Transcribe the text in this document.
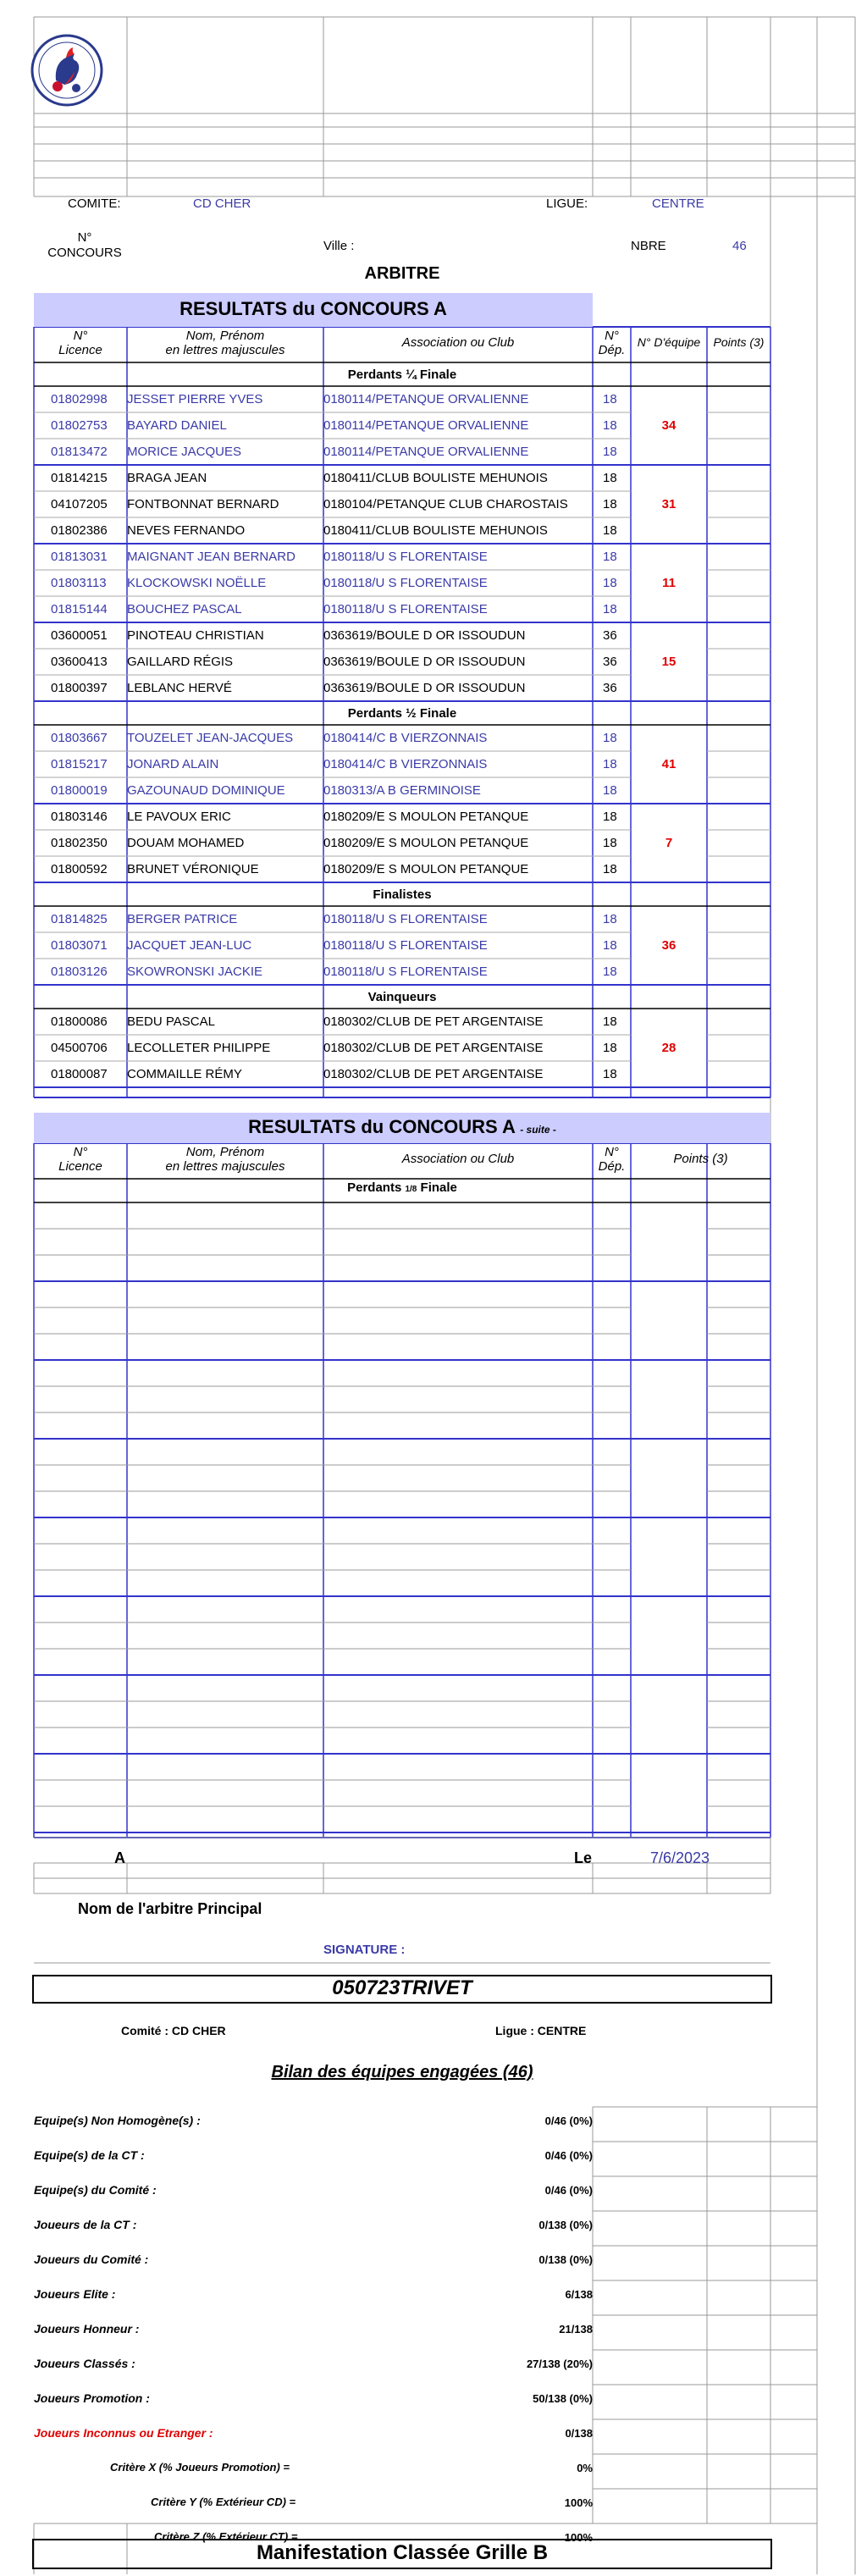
COMITE:	CD CHER	LIGUE:	CENTRE
N°
CONCOURS	Ville :	NBRE	46
ARBITRE
RESULTATS du CONCOURS A
N°
Licence
Nom, Prénom
en lettres majuscules
Association ou Club	N°
Dép.
N° D'équipe	Points (3)
Perdants ¼ Finale
01802998 JESSET PIERRE YVES	0180114/PETANQUE ORVALIENNE	18
01802753 BAYARD DANIEL	0180114/PETANQUE ORVALIENNE	18
01813472 MORICE JACQUES	0180114/PETANQUE ORVALIENNE	18
34
01814215 BRAGA JEAN	0180411/CLUB BOULISTE MEHUNOIS	18
04107205 FONTBONNAT BERNARD	0180104/PETANQUE CLUB CHAROSTAIS	18
01802386 NEVES FERNANDO	0180411/CLUB BOULISTE MEHUNOIS	18
31
01813031 MAIGNANT JEAN BERNARD 0180118/U S FLORENTAISE	18
01803113 KLOCKOWSKI NOËLLE	0180118/U S FLORENTAISE	18
01815144 BOUCHEZ PASCAL	0180118/U S FLORENTAISE	18
11
03600051 PINOTEAU CHRISTIAN	0363619/BOULE D OR ISSOUDUN	36
03600413 GAILLARD RÉGIS	0363619/BOULE D OR ISSOUDUN	36
01800397 LEBLANC HERVÉ	0363619/BOULE D OR ISSOUDUN	36
15
Perdants ½ Finale
01803667 TOUZELET JEAN-JACQUES 0180414/C B VIERZONNAIS	18
01815217 JONARD ALAIN	0180414/C B VIERZONNAIS	18
01800019 GAZOUNAUD DOMINIQUE	0180313/A B GERMINOISE	18
41
01803146 LE PAVOUX ERIC	0180209/E S MOULON PETANQUE	18
01802350 DOUAM MOHAMED	0180209/E S MOULON PETANQUE	18
01800592 BRUNET VÉRONIQUE	0180209/E S MOULON PETANQUE	18
7
Finalistes
01814825 BERGER PATRICE	0180118/U S FLORENTAISE	18
01803071 JACQUET JEAN-LUC	0180118/U S FLORENTAISE	18
01803126 SKOWRONSKI JACKIE	0180118/U S FLORENTAISE	18
36
Vainqueurs
01800086 BEDU PASCAL	0180302/CLUB DE PET ARGENTAISE	18
04500706 LECOLLETER PHILIPPE	0180302/CLUB DE PET ARGENTAISE	18
01800087 COMMAILLE RÉMY	0180302/CLUB DE PET ARGENTAISE	18
28
RESULTATS du CONCOURS A - suite -
N°
Licence
Nom, Prénom
en lettres majuscules
Association ou Club	N°
Dép.
Points (3)
Perdants 1/8 Finale
A	Le	7/6/2023
Nom de l'arbitre Principal
SIGNATURE :
050723TRIVET
Comité : CD CHER	Ligue : CENTRE
Bilan des équipes engagées (46)
Equipe(s) Non Homogène(s) :	0/46 (0%)
Equipe(s) de la CT :	0/46 (0%)
Equipe(s) du Comité :	0/46 (0%)
Joueurs de la CT :	0/138 (0%)
Joueurs du Comité :	0/138 (0%)
Joueurs Elite :	6/138
Joueurs Honneur :	21/138
Joueurs Classés :	27/138 (20%)
Joueurs Promotion :	50/138 (0%)
Joueurs Inconnus ou Etranger :	0/138
Critère X (% Joueurs Promotion) =	0%
Critère Y (% Extérieur CD) =	100%
Critère Z (% Extérieur CT) =	100%
Manifestation Classée Grille B
